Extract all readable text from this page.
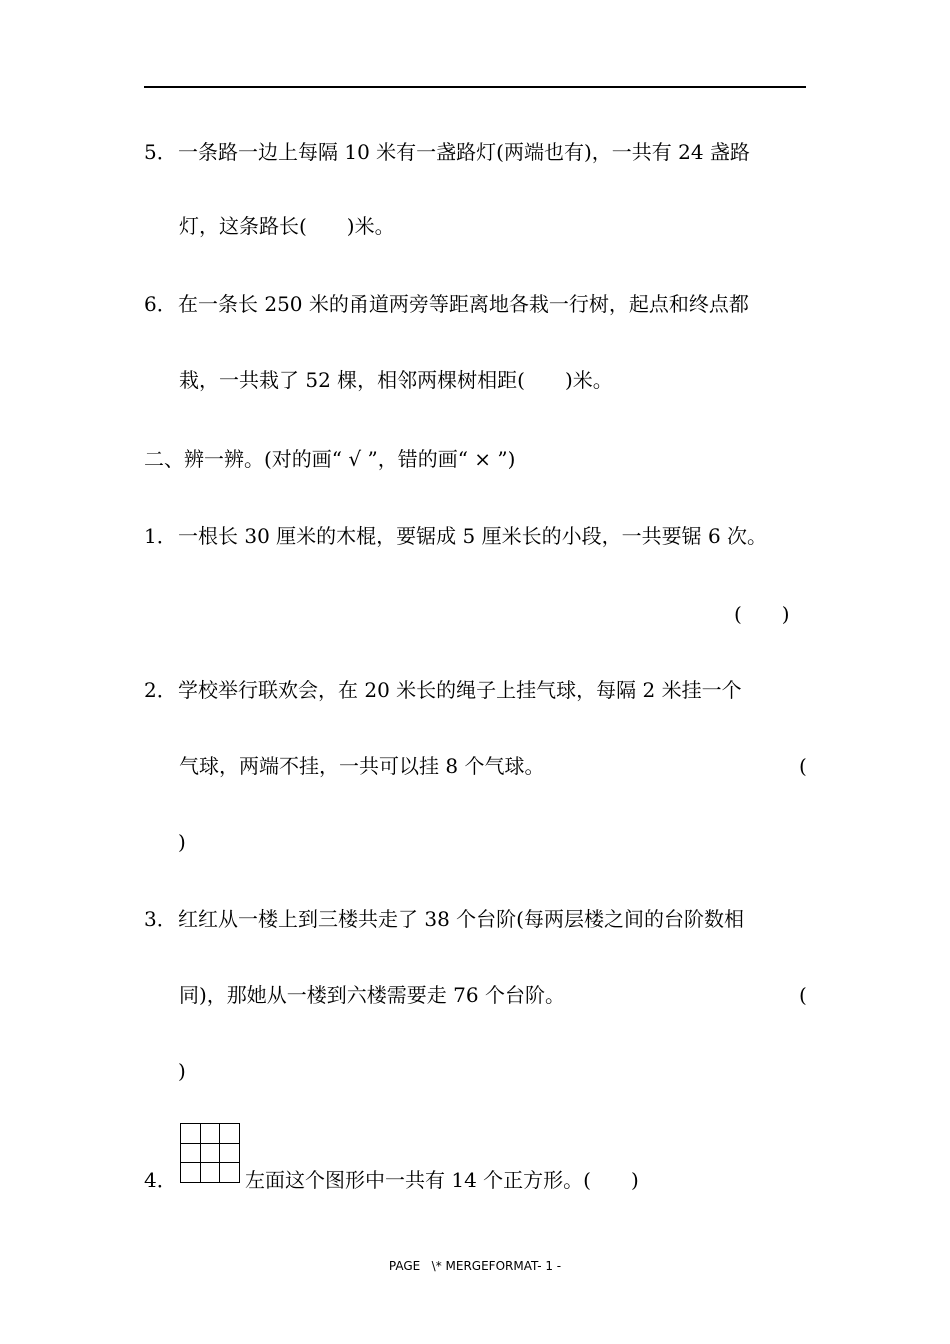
5．一条路一边上每隔 10 米有一盏路灯(两端也有)，一共有 24 盏路
灯，这条路长(　　)米。
6．在一条长 250 米的甬道两旁等距离地各栽一行树，起点和终点都
栽，一共栽了 52 棵，相邻两棵树相距(　　)米。
二、辨一辨。(对的画“ √ ”，错的画“ × ”)
1．一根长 30 厘米的木棍，要锯成 5 厘米长的小段，一共要锯 6 次。
(　　)
2．学校举行联欢会，在 20 米长的绳子上挂气球，每隔 2 米挂一个
气球，两端不挂，一共可以挂 8 个气球。	(
)
3．红红从一楼上到三楼共走了 38 个台阶(每两层楼之间的台阶数相
同)，那她从一楼到六楼需要走 76 个台阶。	(
)
4．	左面这个图形中一共有 14 个正方形。(　　)
PAGE   \* MERGEFORMAT- 1 -
